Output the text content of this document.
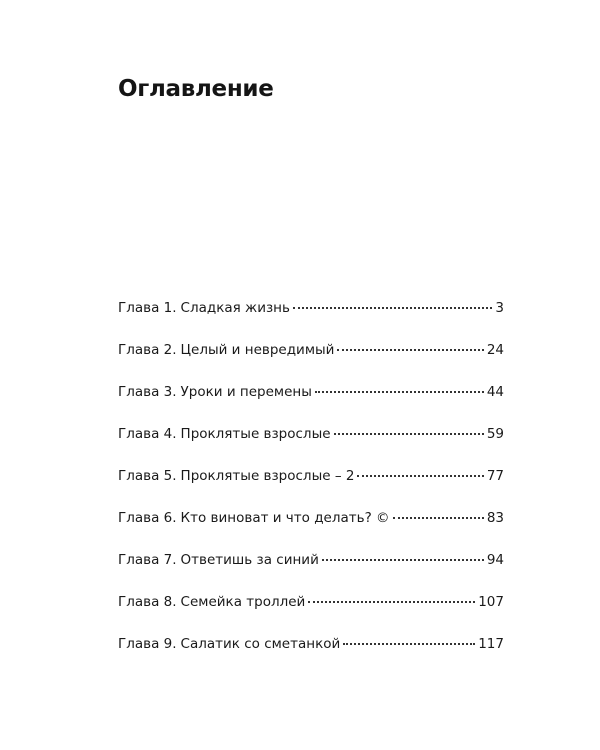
Оглавление
Глава 1. Сладкая жизнь	3
Глава 2. Целый и невредимый	24
Глава 3. Уроки и перемены	44
Глава 4. Проклятые взрослые	59
Глава 5. Проклятые взрослые – 2	77
Глава 6. Кто виноват и что делать? ©	83
Глава 7. Ответишь за синий	94
Глава 8. Семейка троллей	107
Глава 9. Салатик со сметанкой	117
